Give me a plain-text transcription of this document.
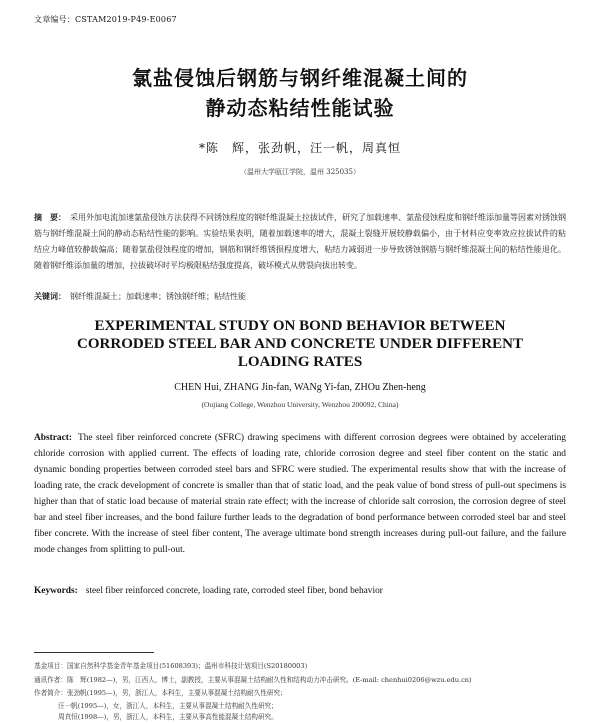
文章编号：CSTAM2019-P49-E0067
氯盐侵蚀后钢筋与钢纤维混凝土间的
静动态粘结性能试验
*陈　辉，张劲帆，汪一帆，周真恒
（温州大学瓯江学院，温州 325035）
摘　要： 采用外加电流加速氯盐侵蚀方法获得不同锈蚀程度的钢纤维混凝土拉拔试件，研究了加载速率、氯盐侵蚀程度和钢纤维添加量等因素对锈蚀钢筋与钢纤维混凝土间的静动态粘结性能的影响。实验结果表明，随着加载速率的增大，混凝土裂缝开展较静载偏小，由于材料应变率效应拉拔试件的粘结应力峰值较静载偏高；随着氯盐侵蚀程度的增加，钢筋和钢纤维锈损程度增大，粘结力减弱进一步导致锈蚀钢筋与钢纤维混凝土间的粘结性能退化。随着钢纤维添加量的增加，拉拔破坏时平均极限粘结强度提高，破坏模式从劈裂向拔出转变。
关键词： 钢纤维混凝土；加载速率；锈蚀钢纤维；粘结性能
EXPERIMENTAL STUDY ON BOND BEHAVIOR BETWEEN
CORRODED STEEL BAR AND CONCRETE UNDER DIFFERENT
LOADING RATES
CHEN Hui, ZHANG Jin-fan, WANg Yi-fan, ZHOu Zhen-heng
(Oujiang College, Wenzhou University, Wenzhou 200092, China)
Abstract: The steel fiber reinforced concrete (SFRC) drawing specimens with different corrosion degrees were obtained by accelerating chloride corrosion with applied current. The effects of loading rate, chloride corrosion degree and steel fiber content on the static and dynamic bonding properties between corroded steel bars and SFRC were studied. The experimental results show that with the increase of loading rate, the crack development of concrete is smaller than that of static load, and the peak value of bond stress of pull-out specimens is higher than that of static load because of material strain rate effect; with the increase of chloride salt corrosion, the corrosion degree of steel bar and steel fiber increases, and the bond failure further leads to the degradation of bond performance between corroded steel bar and steel fiber concrete. With the increase of steel fiber content, The average ultimate bond strength increases during pull-out failure, and the failure mode changes from splitting to pull-out.
Keywords: steel fiber reinforced concrete, loading rate, corroded steel fiber, bond behavior
基金项目：国家自然科学基金青年基金项目(51608393)；温州市科技计划项目(S20180003)
通讯作者：陈　辉(1982—)，男，江西人，博士，副教授，主要从事混凝土结构耐久性和结构动力冲击研究。(E-mail: chenhui0206@wzu.edu.cn)
作者简介：张劲帆(1995—)，男，浙江人，本科生，主要从事混凝土结构耐久性研究；
汪一帆(1995—)，女，浙江人，本科生，主要从事混凝土结构耐久性研究；
周真恒(1998—)，男，浙江人，本科生，主要从事高性能混凝土结构研究。
